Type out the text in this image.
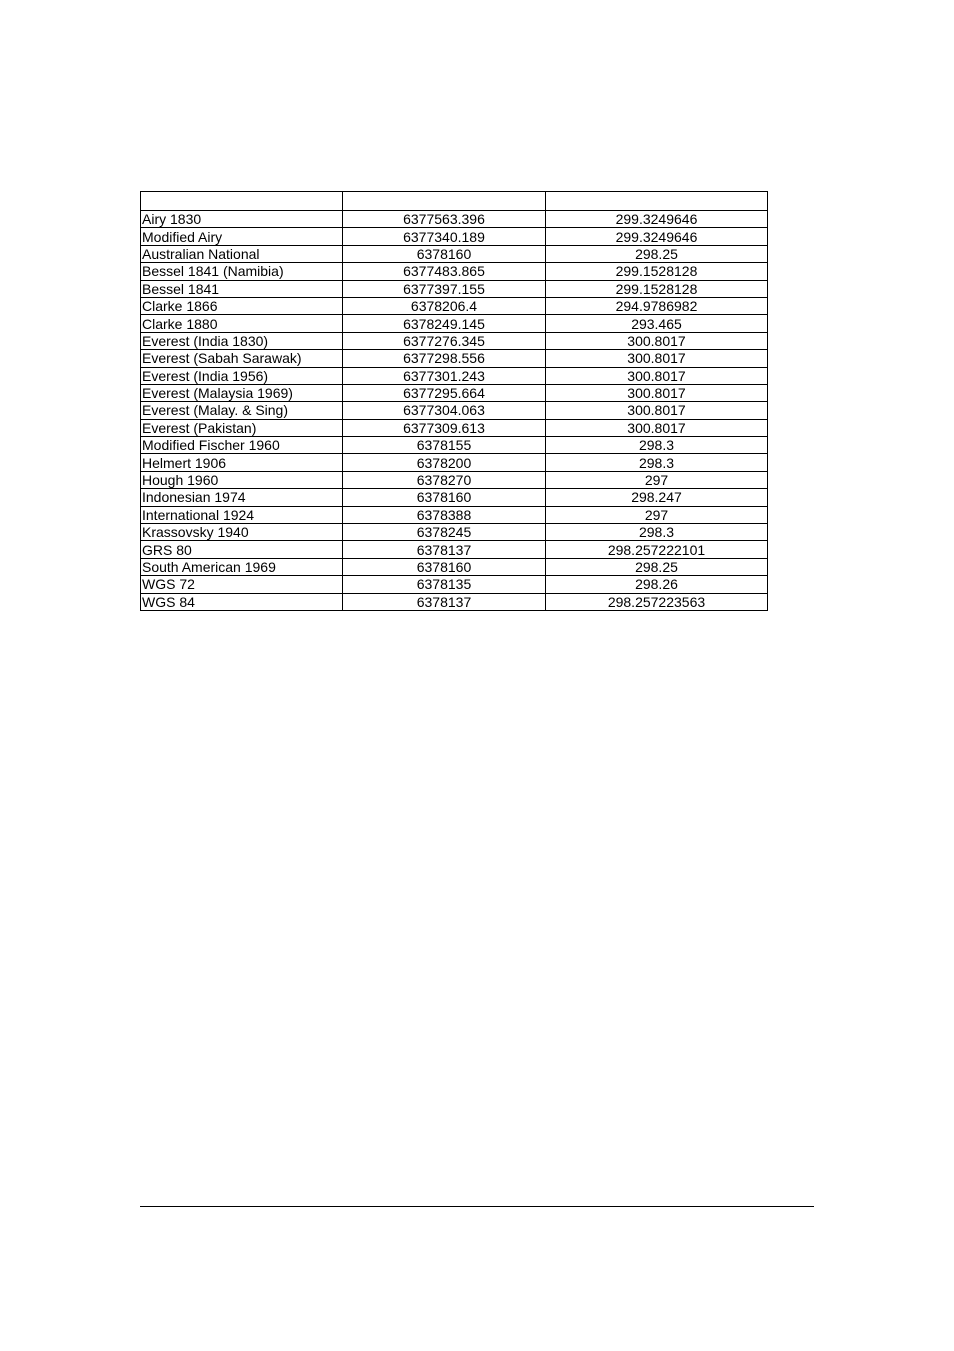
Airy 1830	6377563.396	299.3249646
Modified Airy	6377340.189	299.3249646
Australian National	6378160	298.25
Bessel 1841 (Namibia)	6377483.865	299.1528128
Bessel 1841	6377397.155	299.1528128
Clarke 1866	6378206.4	294.9786982
Clarke 1880	6378249.145	293.465
Everest (India 1830)	6377276.345	300.8017
Everest (Sabah Sarawak)	6377298.556	300.8017
Everest (India 1956)	6377301.243	300.8017
Everest (Malaysia 1969)	6377295.664	300.8017
Everest (Malay. & Sing)	6377304.063	300.8017
Everest (Pakistan)	6377309.613	300.8017
Modified Fischer 1960	6378155	298.3
Helmert 1906	6378200	298.3
Hough 1960	6378270	297
Indonesian 1974	6378160	298.247
International 1924	6378388	297
Krassovsky 1940	6378245	298.3
GRS 80	6378137	298.257222101
South American 1969	6378160	298.25
WGS 72	6378135	298.26
WGS 84	6378137	298.257223563
